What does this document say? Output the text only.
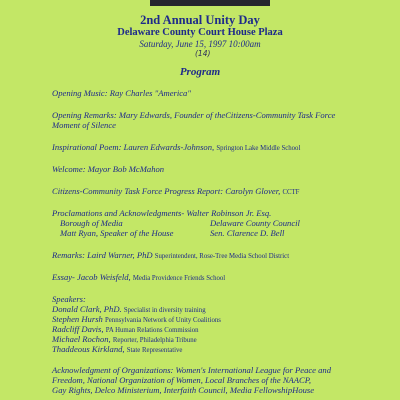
2nd Annual Unity Day
Delaware County Court House Plaza
Saturday, June 15, 1997 10:00am
(14)
Program
Opening Music: Ray Charles "America"
Opening Remarks: Mary Edwards, Founder of theCitizens-Community Task Force
Moment of Silence
Inspirational Poem: Lauren Edwards-Johnson, Springton Lake Middle School
Welcome: Mayor Bob McMahon
Citizens-Community Task Force Progress Report: Carolyn Glover, CCTF
Proclamations and Acknowledgments- Walter Robinson Jr. Esq.
Borough of Media	Delaware County Council
Matt Ryan, Speaker of the House	Sen. Clarence D. Bell
Remarks: Laird Warner, PhD Superintendent, Rose-Tree Media School District
Essay- Jacob Weisfeld, Media Providence Friends School
Speakers:
Donald Clark, PhD. Specialist in diversity training
Stephen Hursh Pennsylvania Network of Unity Coalitions
Radcliff Davis, PA Human Relations Commission
Michael Rochon, Reporter, Philadelphia Tribune
Thaddeous Kirkland, State Representative
Acknowledgment of Organizations: Women's International League for Peace and
Freedom, National Organization of Women, Local Branches of the NAACP,
Gay Rights, Delco Ministerium, Interfaith Council, Media FellowshipHouse
